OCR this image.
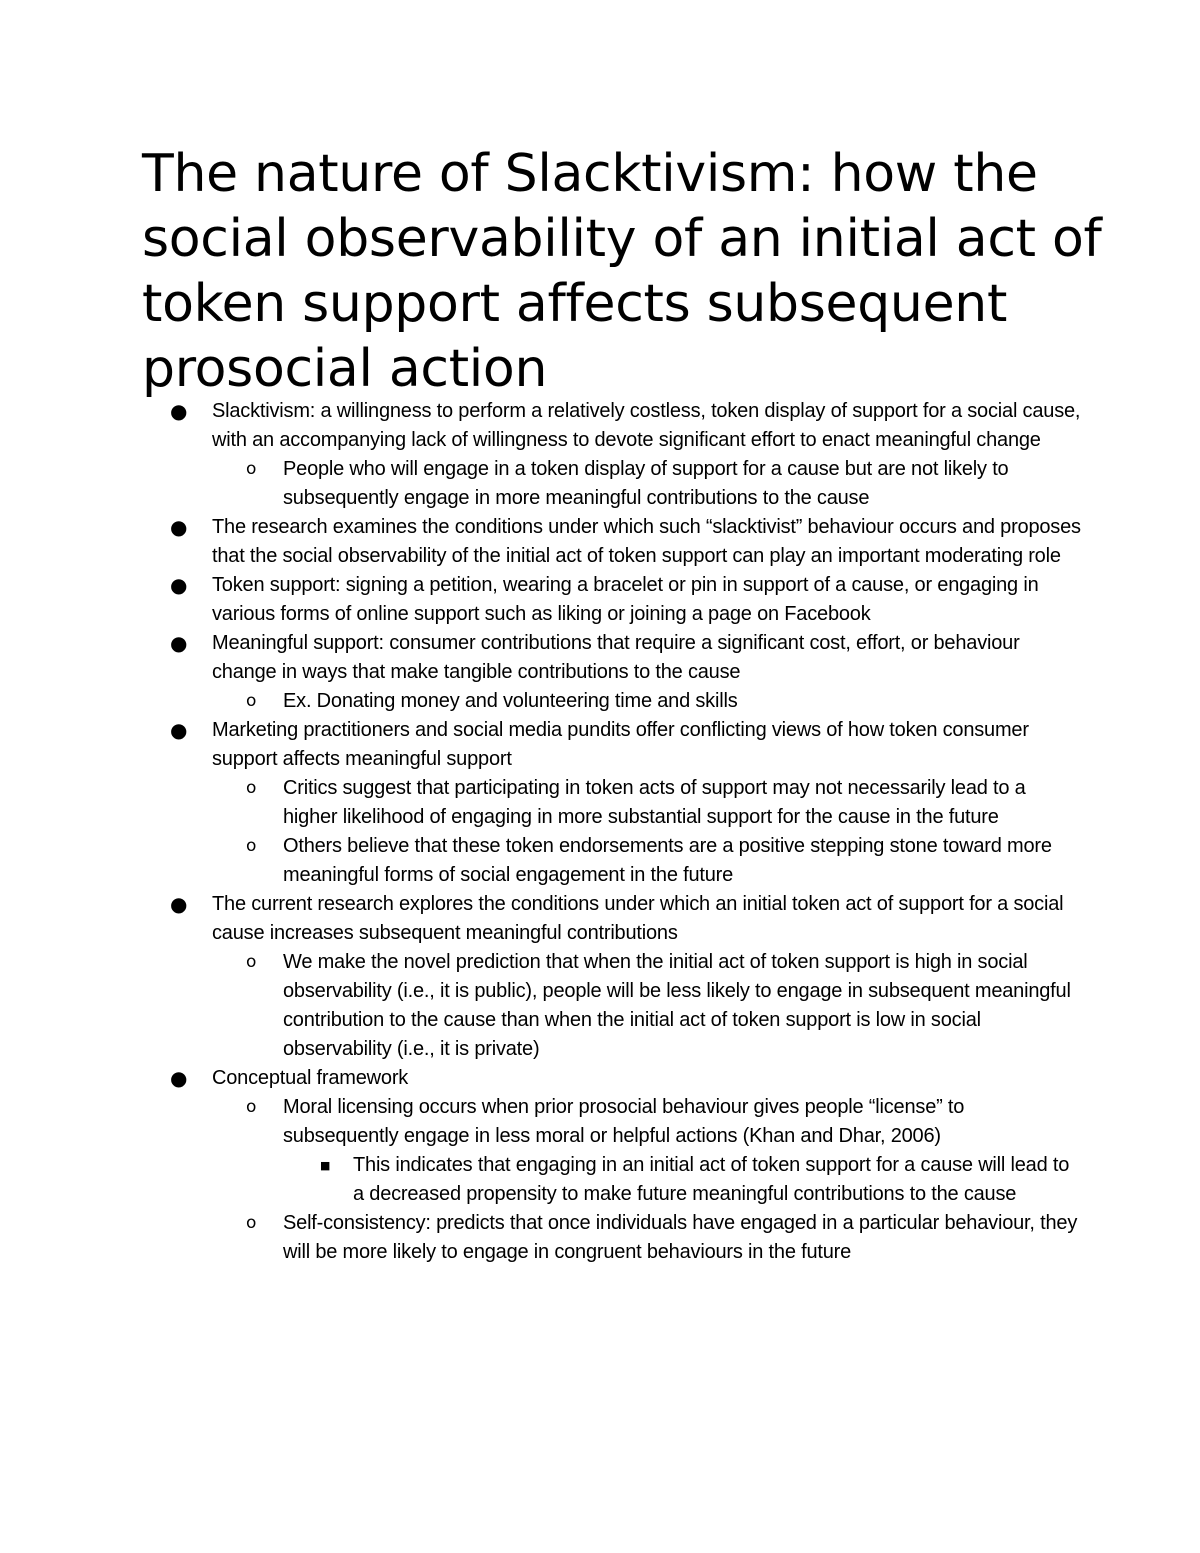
The nature of Slacktivism: how the social observability of an initial act of token support affects subsequent prosocial action
● Slacktivism: a willingness to perform a relatively costless, token display of support for a social cause, with an accompanying lack of willingness to devote significant effort to enact meaningful change
o People who will engage in a token display of support for a cause but are not likely to subsequently engage in more meaningful contributions to the cause
● The research examines the conditions under which such “slacktivist” behaviour occurs and proposes that the social observability of the initial act of token support can play an important moderating role
● Token support: signing a petition, wearing a bracelet or pin in support of a cause, or engaging in various forms of online support such as liking or joining a page on Facebook
● Meaningful support: consumer contributions that require a significant cost, effort, or behaviour change in ways that make tangible contributions to the cause
o Ex. Donating money and volunteering time and skills
● Marketing practitioners and social media pundits offer conflicting views of how token consumer support affects meaningful support
o Critics suggest that participating in token acts of support may not necessarily lead to a higher likelihood of engaging in more substantial support for the cause in the future
o Others believe that these token endorsements are a positive stepping stone toward more meaningful forms of social engagement in the future
● The current research explores the conditions under which an initial token act of support for a social cause increases subsequent meaningful contributions
o We make the novel prediction that when the initial act of token support is high in social observability (i.e., it is public), people will be less likely to engage in subsequent meaningful contribution to the cause than when the initial act of token support is low in social observability (i.e., it is private)
● Conceptual framework
o Moral licensing occurs when prior prosocial behaviour gives people “license” to subsequently engage in less moral or helpful actions (Khan and Dhar, 2006)
■ This indicates that engaging in an initial act of token support for a cause will lead to a decreased propensity to make future meaningful contributions to the cause
o Self-consistency: predicts that once individuals have engaged in a particular behaviour, they will be more likely to engage in congruent behaviours in the future
